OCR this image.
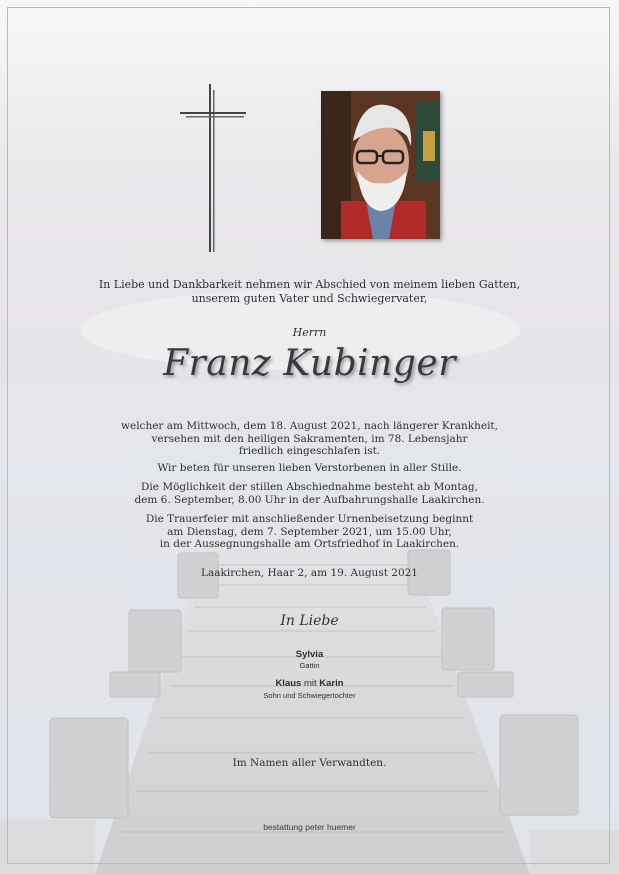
In Liebe und Dankbarkeit nehmen wir Abschied von meinem lieben Gatten,
unserem guten Vater und Schwiegervater,
Herrn
Franz Kubinger
welcher am Mittwoch, dem 18. August 2021, nach längerer Krankheit,
versehen mit den heiligen Sakramenten, im 78. Lebensjahr
friedlich eingeschlafen ist.
Wir beten für unseren lieben Verstorbenen in aller Stille.
Die Möglichkeit der stillen Abschiednahme besteht ab Montag,
dem 6. September, 8.00 Uhr in der Aufbahrungshalle Laakirchen.
Die Trauerfeier mit anschließender Urnenbeisetzung beginnt
am Dienstag, dem 7. September 2021, um 15.00 Uhr,
in der Aussegnungshalle am Ortsfriedhof in Laakirchen.
Laakirchen, Haar 2, am 19. August 2021
In Liebe
Sylvia
Gattin
Klaus mit Karin
Sohn und Schwiegertochter
Im Namen aller Verwandten.
bestattung peter huemer
